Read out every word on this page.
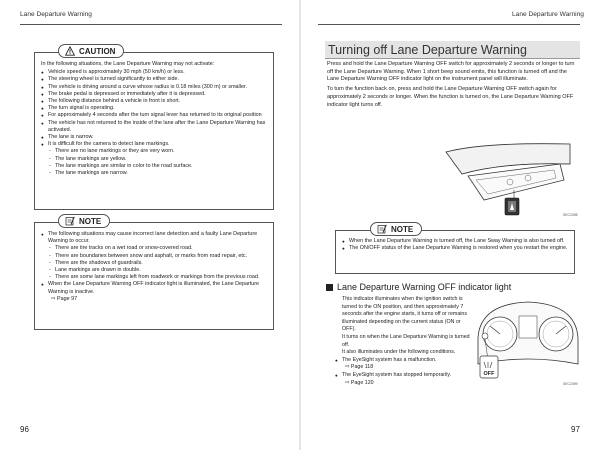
Lane Departure Warning

In the following situations, the Lane Departure Warning may not activate:

● Vehicle speed is approximately 30 mph (50 km/h) or less.
● The steering wheel is turned significantly to either side.
● The vehicle is driving around a curve whose radius is 0.18 miles (300 m) or smaller.
● The brake pedal is depressed or immediately after it is depressed.
● The following distance behind a vehicle in front is short.
● The turn signal is operating.
● For approximately 4 seconds after the turn signal lever has returned to its original position
● The vehicle has not returned to the inside of the lane after the Lane Departure Warning has activated.
● The lane is narrow.
● It is difficult for the camera to detect lane markings.
- There are no lane markings or they are very worn.
- The lane markings are yellow.
- The lane markings are similar in color to the road surface.
- The lane markings are narrow.
CAUTION
● The following situations may cause incorrect lane detection and a faulty Lane Departure Warning to occur.
- There are tire tracks on a wet road or snow-covered road.
- There are boundaries between snow and asphalt, or marks from road repair, etc.
- There are the shadows of guardrails.
- Lane markings are drawn in double.
- There are some lane markings left from roadwork or markings from the previous road.
● When the Lane Departure Warning OFF indicator light is illuminated, the Lane Departure Warning is inactive.
⇨ Page 97
NOTE
96
Lane Departure Warning
Turning off Lane Departure Warning

Press and hold the Lane Departure Warning OFF switch for approximately 2 seconds or longer to turn off the Lane Departure Warning. When 1 short beep sound emits, this function is turned off and the Lane Departure Warning OFF indicator light on the instrument panel will illuminate.

To turn the function back on, press and hold the Lane Departure Warning OFF switch again for approximately 2 seconds or longer. When the function is turned on, the Lane Departure Warning OFF indicator light turns off.

SEC2498
● When the Lane Departure Warning is turned off, the Lane Sway Warning is also turned off.
● The ON/OFF status of the Lane Departure Warning is restored when you restart the engine.
NOTE
Lane Departure Warning OFF indicator light

This indicator illuminates when the ignition switch is turned to the ON position, and then approximately 7 seconds after the engine starts, it turns off or remains illuminated depending on the current status (ON or OFF).

It turns on when the Lane Departure Warning is turned off.

It also illuminates under the following conditions.

● The EyeSight system has a malfunction.
⇨ Page 118
● The EyeSight system has stopped temporarily.
⇨ Page 120
OFF
SEC2499
97
